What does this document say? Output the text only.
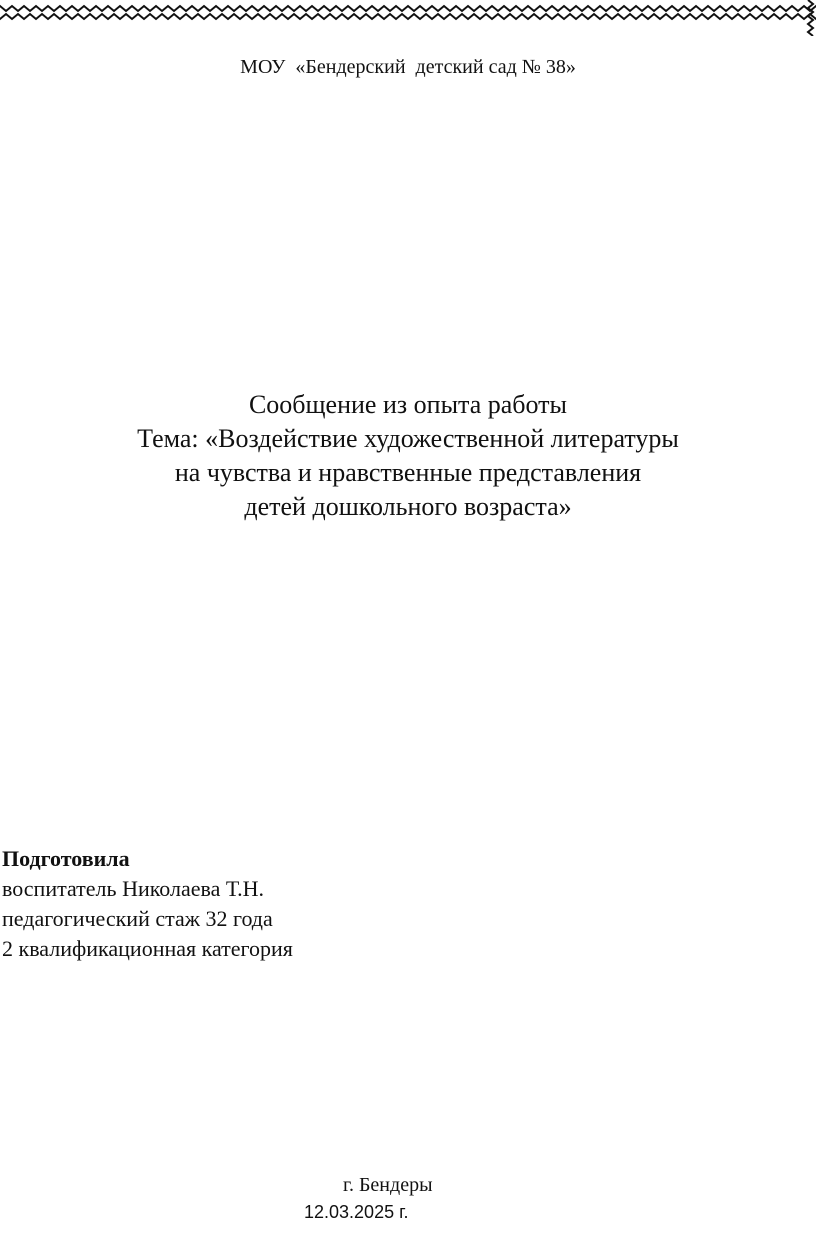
МОУ  «Бендерский  детский сад № 38»
Сообщение из опыта работы
Тема: «Воздействие художественной литературы
на чувства и нравственные представления
детей дошкольного возраста»
Подготовила
воспитатель Николаева Т.Н.
педагогический стаж 32 года
2 квалификационная категория
г. Бендеры
12.03.2025 г.
